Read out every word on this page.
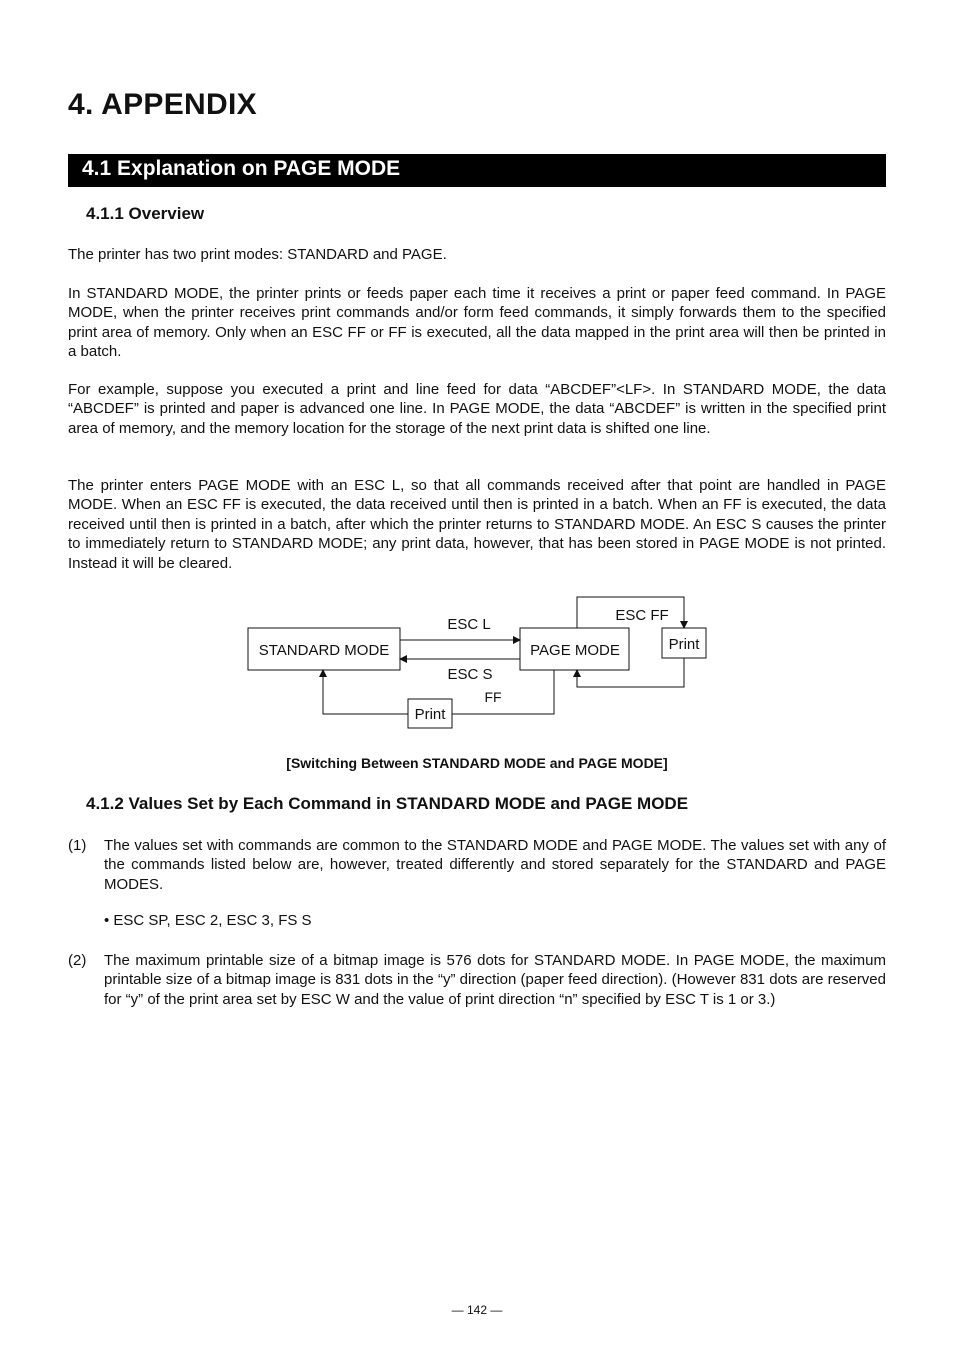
4. APPENDIX
4.1 Explanation on PAGE MODE
4.1.1 Overview

The printer has two print modes: STANDARD and PAGE.

In STANDARD MODE, the printer prints or feeds paper each time it receives a print or paper feed command. In PAGE MODE, when the printer receives print commands and/or form feed commands, it simply forwards them to the specified print area of memory. Only when an ESC FF or FF is executed, all the data mapped in the print area will then be printed in a batch.

For example, suppose you executed a print and line feed for data “ABCDEF”<LF>. In STANDARD MODE, the data “ABCDEF” is printed and paper is advanced one line. In PAGE MODE, the data “ABCDEF” is written in the specified print area of memory, and the memory location for the storage of the next print data is shifted one line.

The printer enters PAGE MODE with an ESC L, so that all commands received after that point are handled in PAGE MODE. When an ESC FF is executed, the data received until then is printed in a batch. When an FF is executed, the data received until then is printed in a batch, after which the printer returns to STANDARD MODE. An ESC S causes the printer to immediately return to STANDARD MODE; any print data, however, that has been stored in PAGE MODE is not printed. Instead it will be cleared.

STANDARD MODE	PAGE MODE	Print
Print
ESC L
ESC S
ESC FF
FF
[Switching Between STANDARD MODE and PAGE MODE]
4.1.2 Values Set by Each Command in STANDARD MODE and PAGE MODE
(1)	The values set with commands are common to the STANDARD MODE and PAGE MODE. The values set with any of the commands listed below are, however, treated differently and stored separately for the STANDARD and PAGE MODES.
• ESC SP, ESC 2, ESC 3, FS S
(2)	The maximum printable size of a bitmap image is 576 dots for STANDARD MODE. In PAGE MODE, the maximum printable size of a bitmap image is 831 dots in the “y” direction (paper feed direction). (However 831 dots are reserved for “y” of the print area set by ESC W and the value of print direction “n” specified by ESC T is 1 or 3.)
— 142 —
